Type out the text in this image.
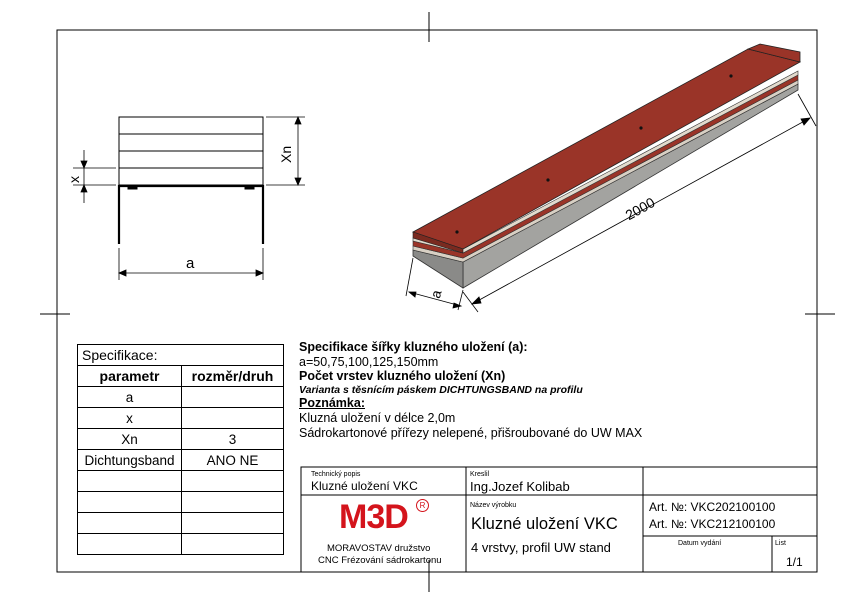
Xn
x
a
2000
a
Specifikace šířky kluzného uložení (a):
a=50,75,100,125,150mm
Počet vrstev kluzného uložení (Xn)
Varianta s těsnícím páskem DICHTUNGSBAND na profilu
Poznámka:
Kluzná uložení v délce 2,0m
Sádrokartonové přířezy nelepené, přišroubované do UW MAX
Specifikace:	
parametr	rozměr/druh
a	
x	
Xn	3
Dichtungsband	ANO NE

Technický popis
Kluzné uložení VKC
Kreslil
Ing.Jozef Kolibab
Název výrobku
Kluzné uložení VKC
4 vrstvy, profil UW stand
Art. №: VKC202100100
Art. №: VKC212100100
Datum vydání	List
1/1
M3D	R
MORAVOSTAV družstvo
CNC Frézování sádrokartonu
